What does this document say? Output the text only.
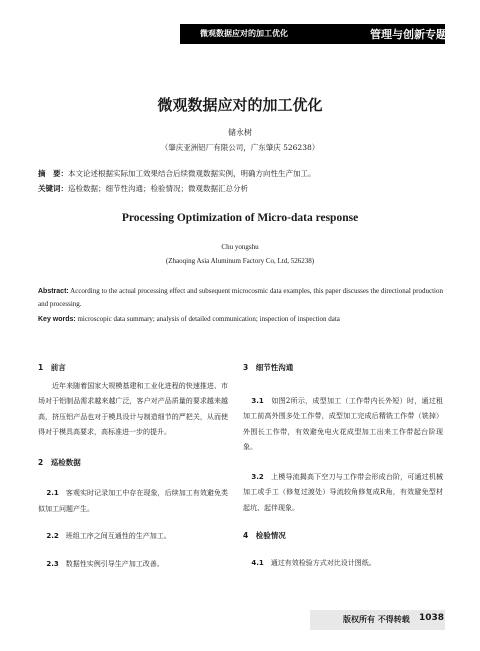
微观数据应对的加工优化	管理与创新专题
微观数据应对的加工优化
储永树
（肇庆亚洲铝厂有限公司，广东肇庆 526238）
摘　要：本文论述根据实际加工效果结合后续微观数据实例，明确方向性生产加工。
关键词：巡检数据；细节性沟通；检验情况；微观数据汇总分析
Processing Optimization of Micro-data response
Chu yongshu
(Zhaoqing Asia Aluminum Factory Co, Ltd, 526238)
Abstract: According to the actual processing effect and subsequent microcosmic data examples, this paper discusses the directional production and processing.
Key words: microscopic data summary; analysis of detailed communication; inspection of inspection data
1　前言
近年来随着国家大规模基建和工业化进程的快速推进、市场对于铝制品需求越来越广泛，客户对产品质量的要求越来越高，挤压铝产品也对于模具设计与制造细节的严把关，从而使得对于模具高要求，高标准进一步的提升。
2　巡检数据
2.1　客观实时记录加工中存在现象，后续加工有效避免类似加工问题产生。
2.2　班组工序之间互通性的生产加工。
2.3　数据性实例引导生产加工改善。
3　细节性沟通
3.1　如图2所示，成型加工（工作带内长外短）时，通过租加工前高外围多处工作带，成型加工完成后精铣工作带（铣掉）外围长工作带，有效避免电火花成型加工出来工作带起台阶现象。
3.2　上模导流揭高下空刀与工作带会形成台阶，可通过机械加工或手工（修复过渡处）导流较角修复成R角，有效避免型材起坑、起伴现象。
4　检验情况
4.1　通过有效检验方式对比设计图纸。
版权所有 不得转载 1038
